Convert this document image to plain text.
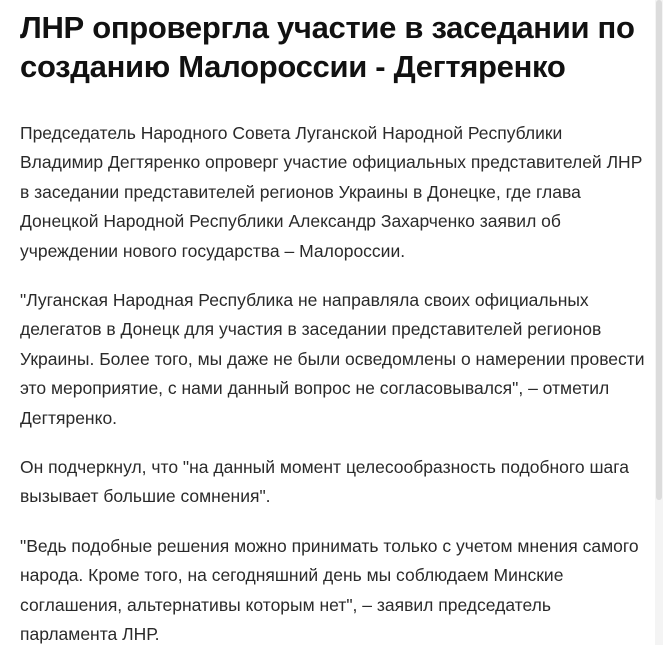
ЛНР опровергла участие в заседании по созданию Малороссии - Дегтяренко

Председатель Народного Совета Луганской Народной Республики Владимир Дегтяренко опроверг участие официальных представителей ЛНР в заседании представителей регионов Украины в Донецке, где глава Донецкой Народной Республики Александр Захарченко заявил об учреждении нового государства – Малороссии.

"Луганская Народная Республика не направляла своих официальных делегатов в Донецк для участия в заседании представителей регионов Украины. Более того, мы даже не были осведомлены о намерении провести это мероприятие, с нами данный вопрос не согласовывался", – отметил Дегтяренко.

Он подчеркнул, что "на данный момент целесообразность подобного шага вызывает большие сомнения".

"Ведь подобные решения можно принимать только с учетом мнения самого народа. Кроме того, на сегодняшний день мы соблюдаем Минские соглашения, альтернативы которым нет", – заявил председатель парламента ЛНР.
